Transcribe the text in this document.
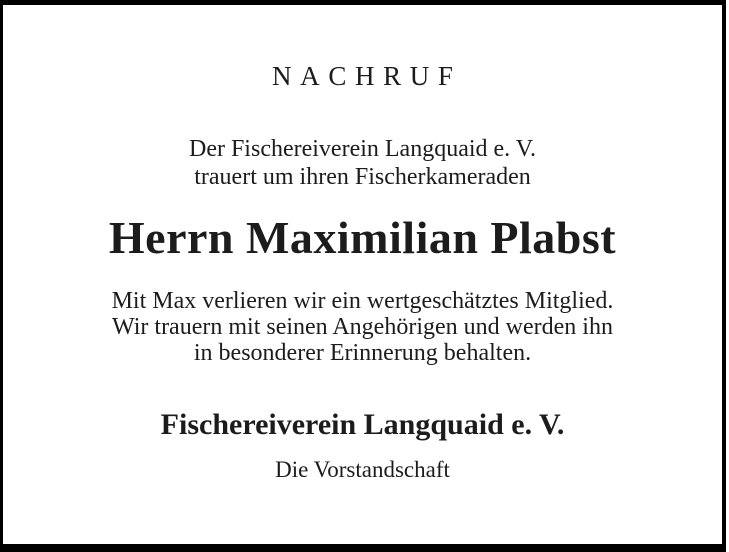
NACHRUF
Der Fischereiverein Langquaid e. V.
trauert um ihren Fischerkameraden
Herrn Maximilian Plabst
Mit Max verlieren wir ein wertgeschätztes Mitglied.
Wir trauern mit seinen Angehörigen und werden ihn
in besonderer Erinnerung behalten.
Fischereiverein Langquaid e. V.
Die Vorstandschaft
